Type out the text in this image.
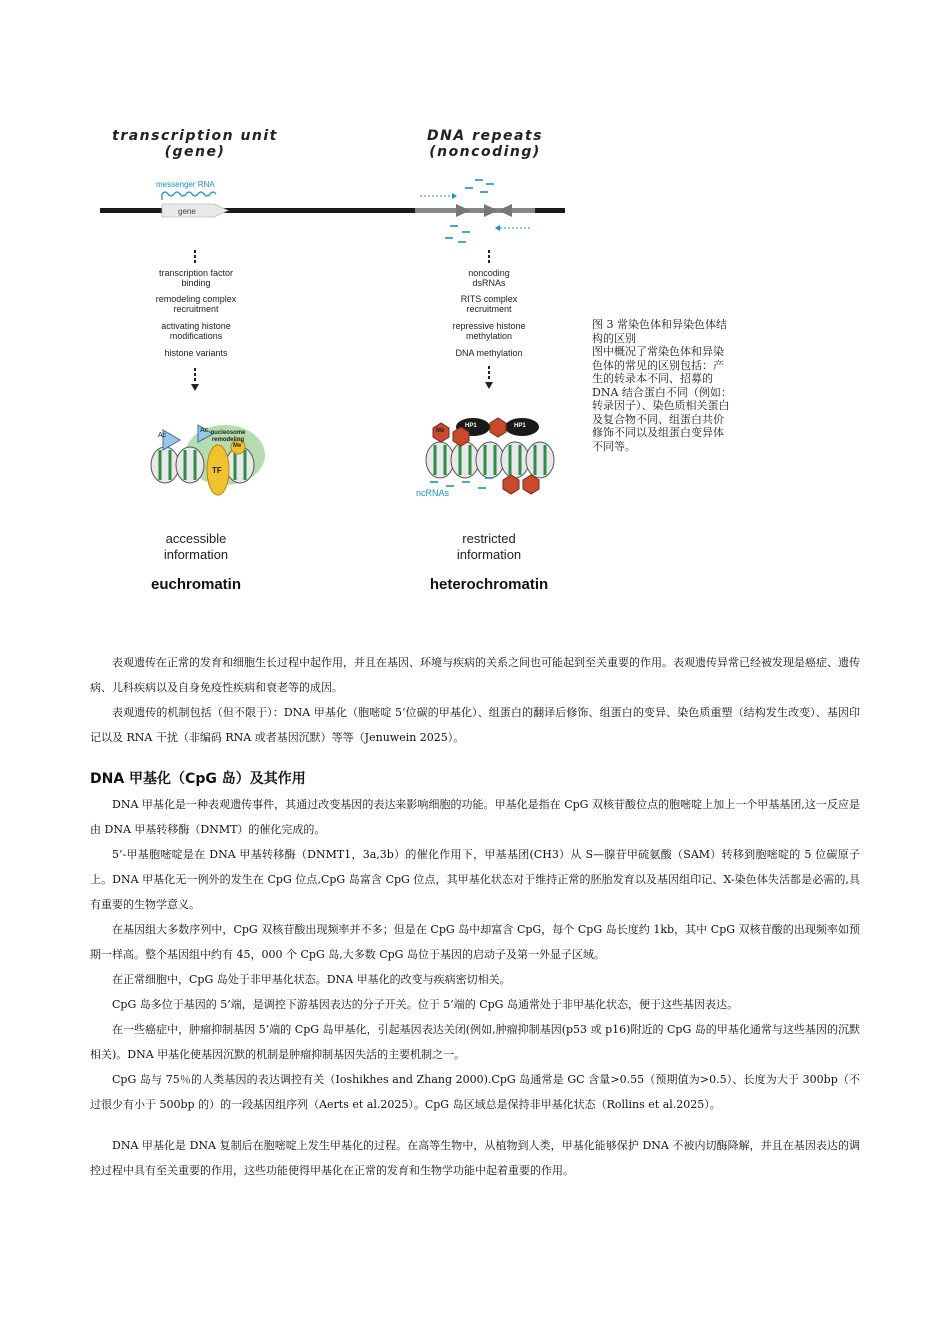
transcription unit
(gene)
DNA repeats
(noncoding)
messenger RNA
gene
transcription factor
binding
remodeling complex
recruitment
activating histone
modifications
histone variants
noncoding
dsRNAs
RITS complex
recruitment
repressive histone
methylation
DNA methylation
Ac
Ac nucleosome
remodeling
Me
TF
HP1	HP1
Me
ncRNAs
accessible
information
restricted
information
euchromatin	heterochromatin
图 3 常染色体和异染色体结构的区别
图中概况了常染色体和异染色体的常见的区别包括：产生的转录本不同、招募的 DNA 结合蛋白不同（例如：转录因子）、染色质相关蛋白及复合物不同、组蛋白共价修饰不同以及组蛋白变异体不同等。

表观遗传在正常的发育和细胞生长过程中起作用，并且在基因、环境与疾病的关系之间也可能起到至关重要的作用。表观遗传异常已经被发现是癌症、遗传病、儿科疾病以及自身免疫性疾病和衰老等的成因。

表观遗传的机制包括（但不限于）：DNA 甲基化（胞嘧啶 5’位碳的甲基化）、组蛋白的翻译后修饰、组蛋白的变异、染色质重塑（结构发生改变）、基因印记以及 RNA 干扰（非编码 RNA 或者基因沉默）等等（Jenuwein 2025）。

DNA 甲基化（CpG 岛）及其作用

DNA 甲基化是一种表观遗传事件，其通过改变基因的表达来影响细胞的功能。甲基化是指在 CpG 双核苷酸位点的胞嘧啶上加上一个甲基基团,这一反应是由 DNA 甲基转移酶（DNMT）的催化完成的。

5’-甲基胞嘧啶是在 DNA 甲基转移酶（DNMT1，3a,3b）的催化作用下，甲基基团(CH3）从 S—腺苷甲硫氨酸（SAM）转移到胞嘧啶的 5 位碳原子上。DNA 甲基化无一例外的发生在 CpG 位点,CpG 岛富含 CpG 位点，其甲基化状态对于维持正常的胚胎发育以及基因组印记、X-染色体失活都是必需的,具有重要的生物学意义。

在基因组大多数序列中，CpG 双核苷酸出现频率并不多；但是在 CpG 岛中却富含 CpG，每个 CpG 岛长度约 1kb，其中 CpG 双核苷酸的出现频率如预期一样高。整个基因组中约有 45，000 个 CpG 岛,大多数 CpG 岛位于基因的启动子及第一外显子区域。

在正常细胞中，CpG 岛处于非甲基化状态。DNA 甲基化的改变与疾病密切相关。

CpG 岛多位于基因的 5’端，是调控下游基因表达的分子开关。位于 5’端的 CpG 岛通常处于非甲基化状态，便于这些基因表达。

在一些癌症中，肿瘤抑制基因 5’端的 CpG 岛甲基化，引起基因表达关闭(例如,肿瘤抑制基因(p53 或 p16)附近的 CpG 岛的甲基化通常与这些基因的沉默相关)。DNA 甲基化使基因沉默的机制是肿瘤抑制基因失活的主要机制之一。

CpG 岛与 75％的人类基因的表达调控有关（Ioshikhes and Zhang 2000).CpG 岛通常是 GC 含量>0.55（预期值为>0.5）、长度为大于 300bp（不过很少有小于 500bp 的）的一段基因组序列（Aerts et al.2025）。CpG 岛区域总是保持非甲基化状态（Rollins et al.2025）。

DNA 甲基化是 DNA 复制后在胞嘧啶上发生甲基化的过程。在高等生物中，从植物到人类，甲基化能够保护 DNA 不被内切酶降解，并且在基因表达的调控过程中具有至关重要的作用，这些功能使得甲基化在正常的发育和生物学功能中起着重要的作用。
